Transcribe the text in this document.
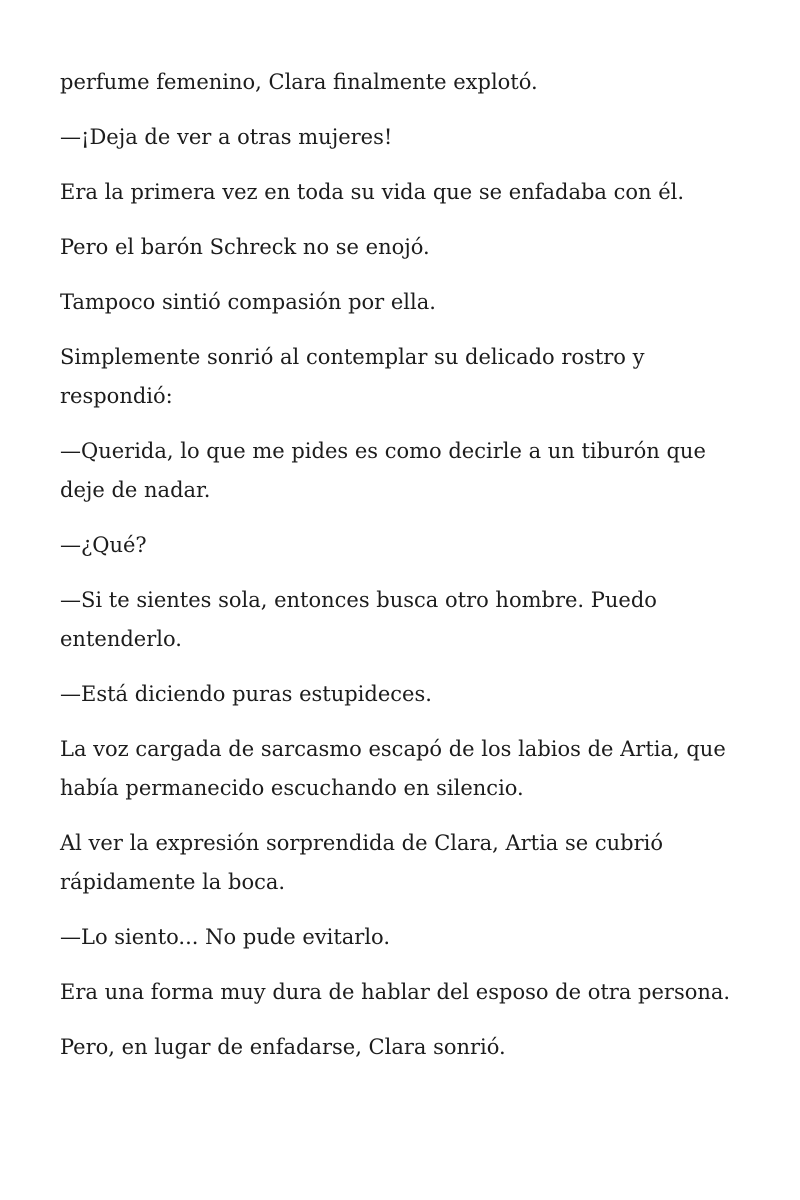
perfume femenino, Clara finalmente explotó.

—¡Deja de ver a otras mujeres!

Era la primera vez en toda su vida que se enfadaba con él.

Pero el barón Schreck no se enojó.

Tampoco sintió compasión por ella.

Simplemente sonrió al contemplar su delicado rostro y respondió:

—Querida, lo que me pides es como decirle a un tiburón que deje de nadar.

—¿Qué?

—Si te sientes sola, entonces busca otro hombre. Puedo entenderlo.

—Está diciendo puras estupideces.

La voz cargada de sarcasmo escapó de los labios de Artia, que había permanecido escuchando en silencio.

Al ver la expresión sorprendida de Clara, Artia se cubrió rápidamente la boca.

—Lo siento... No pude evitarlo.

Era una forma muy dura de hablar del esposo de otra persona.

Pero, en lugar de enfadarse, Clara sonrió.
